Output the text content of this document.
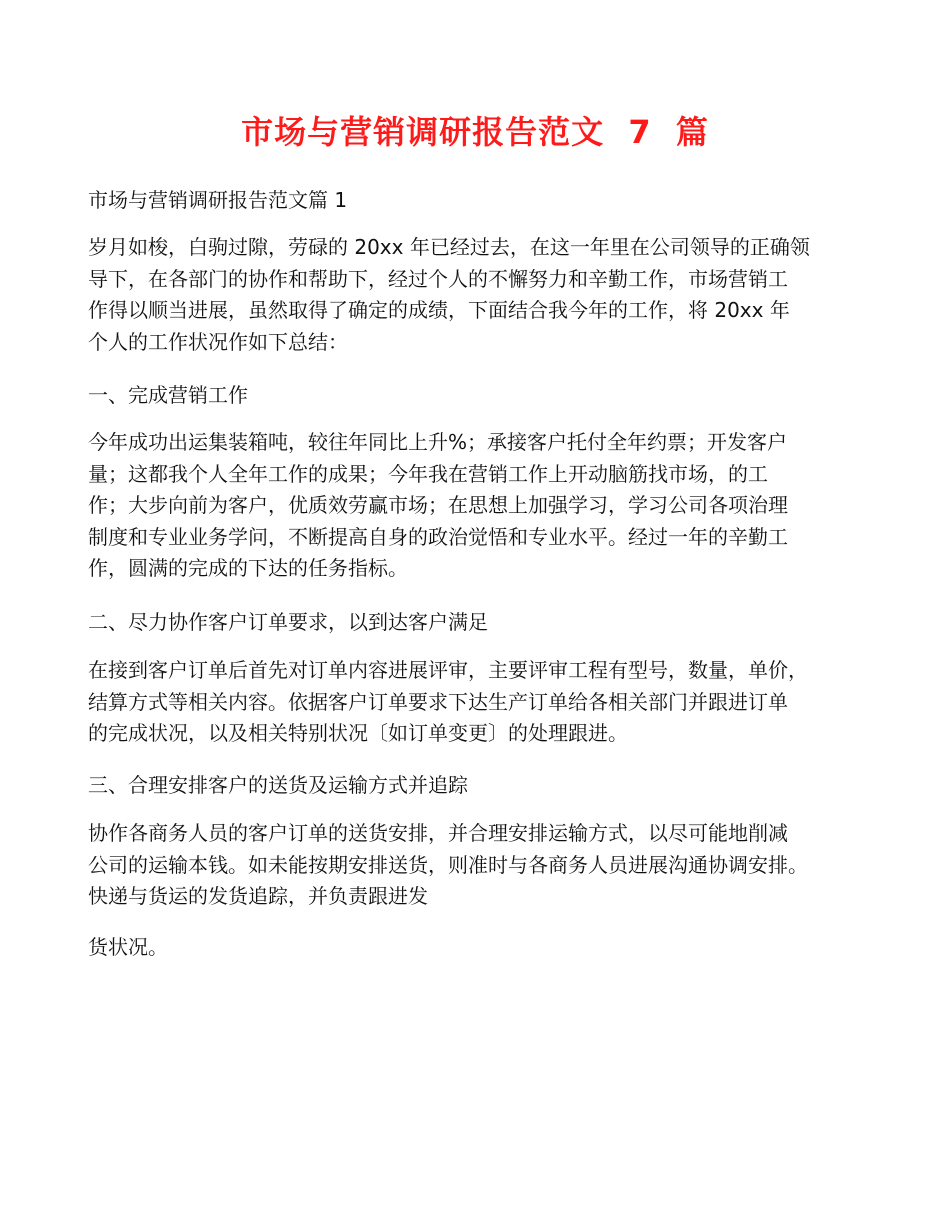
市场与营销调研报告范文  7  篇

市场与营销调研报告范文篇 1

岁月如梭，白驹过隙，劳碌的 20xx 年已经过去，在这一年里在公司领导的正确领
导下，在各部门的协作和帮助下，经过个人的不懈努力和辛勤工作，市场营销工
作得以顺当进展，虽然取得了确定的成绩，下面结合我今年的工作，将 20xx 年
个人的工作状况作如下总结：

一、完成营销工作

今年成功出运集装箱吨，较往年同比上升%；承接客户托付全年约票；开发客户
量；这都我个人全年工作的成果；今年我在营销工作上开动脑筋找市场，的工
作；大步向前为客户，优质效劳赢市场；在思想上加强学习，学习公司各项治理
制度和专业业务学问，不断提高自身的政治觉悟和专业水平。经过一年的辛勤工
作，圆满的完成的下达的任务指标。

二、尽力协作客户订单要求，以到达客户满足

在接到客户订单后首先对订单内容进展评审，主要评审工程有型号，数量，单价，
结算方式等相关内容。依据客户订单要求下达生产订单给各相关部门并跟进订单
的完成状况，以及相关特别状况〔如订单变更〕的处理跟进。

三、合理安排客户的送货及运输方式并追踪

协作各商务人员的客户订单的送货安排，并合理安排运输方式，以尽可能地削减
公司的运输本钱。如未能按期安排送货，则准时与各商务人员进展沟通协调安排。
快递与货运的发货追踪，并负责跟进发

货状况。
